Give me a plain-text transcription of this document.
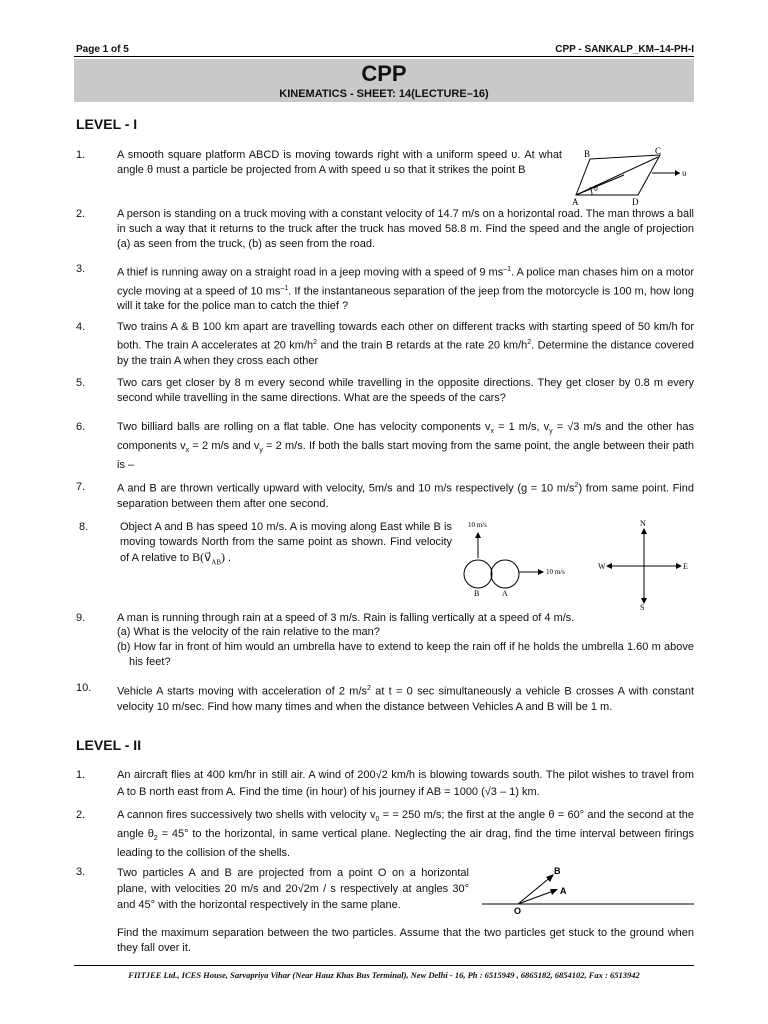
Page 1 of 5	CPP - SANKALP_KM–14-PH-I
CPP
KINEMATICS - SHEET: 14(LECTURE–16)
LEVEL - I
1.	A smooth square platform ABCD is moving towards right with a uniform speed υ. At what angle θ must a particle be projected from A with speed u so that it strikes the point B
B	C
A	D
θ
υ
2.	A person is standing on a truck moving with a constant velocity of 14.7 m/s on a horizontal road. The man throws a ball in such a way that it returns to the truck after the truck has moved 58.8 m. Find the speed and the angle of projection (a) as seen from the truck, (b) as seen from the road.
3.	A thief is running away on a straight road in a jeep moving with a speed of 9 $ms^{-1}$. A police man chases him on a motor cycle moving at a speed of 10 $ms^{-1}$. If the instantaneous separation of the jeep from the motorcycle is 100 m, how long will it take for the police man to catch the thief ?
4.	Two trains A & B 100 km apart are travelling towards each other on different tracks with starting speed of 50 km/h for both. The train A accelerates at 20 $km/h^2$ and the train B retards at the rate 20 $km/h^2$. Determine the distance covered by the train A when they cross each other
5.	Two cars get closer by 8 m every second while travelling in the opposite directions. They get closer by 0.8 m every second while travelling in the same directions. What are the speeds of the cars?
6.	Two billiard balls are rolling on a flat table. One has velocity components $v_x = 1$ m/s, $v_y = √3$ m/s and the other has components $v_x = 2$ m/s and $v_y = 2$ m/s. If both the balls start moving from the same point, the angle between their path is –
7.	A and B are thrown vertically upward with velocity, 5m/s and 10 m/s respectively (g = 10 $m/s^2$) from same point. Find separation between them after one second.
8.	Object A and B has speed 10 m/s. A is moving along East while B is moving towards North from the same point as shown. Find velocity of A relative to $B(v⃗_{AB})$ .
10 m/s
10 m/s
B	A
N
S
W	E
9.	A man is running through rain at a speed of 3 m/s. Rain is falling vertically at a speed of 4 m/s.
(a) What is the velocity of the rain relative to the man?
(b) How far in front of him would an umbrella have to extend to keep the rain off if he holds the umbrella 1.60 m above his feet?
10.	Vehicle A starts moving with acceleration of 2 $m/s^2$ at t = 0 sec simultaneously a vehicle B crosses A with constant velocity 10 m/sec. Find how many times and when the distance between Vehicles A and B will be 1 m.
LEVEL - II
1.	An aircraft flies at 400 km/hr in still air. A wind of 200√2 km/h is blowing towards south. The pilot wishes to travel from A to B north east from A. Find the time (in hour) of his journey if AB = 1000 (√3 – 1) km.
2.	A cannon fires successively two shells with velocity $v_0$ = = 250 m/s; the first at the angle θ = 60° and the second at the angle $\theta_2 = 45^\circ$ to the horizontal, in same vertical plane. Neglecting the air drag, find the time interval between firings leading to the collision of the shells.
3.	Two particles A and B are projected from a point O on a horizontal plane, with velocities 20 m/s and 20√2m / s respectively at angles 30° and 45° with the horizontal respectively in the same plane.
Find the maximum separation between the two particles. Assume that the two particles get stuck to the ground when they fall over it.
B
A
O
FIITJEE Ltd., ICES House, Sarvapriya Vihar (Near Hauz Khas Bus Terminal), New Delhi - 16, Ph : 6515949 , 6865182, 6854102, Fax : 6513942
